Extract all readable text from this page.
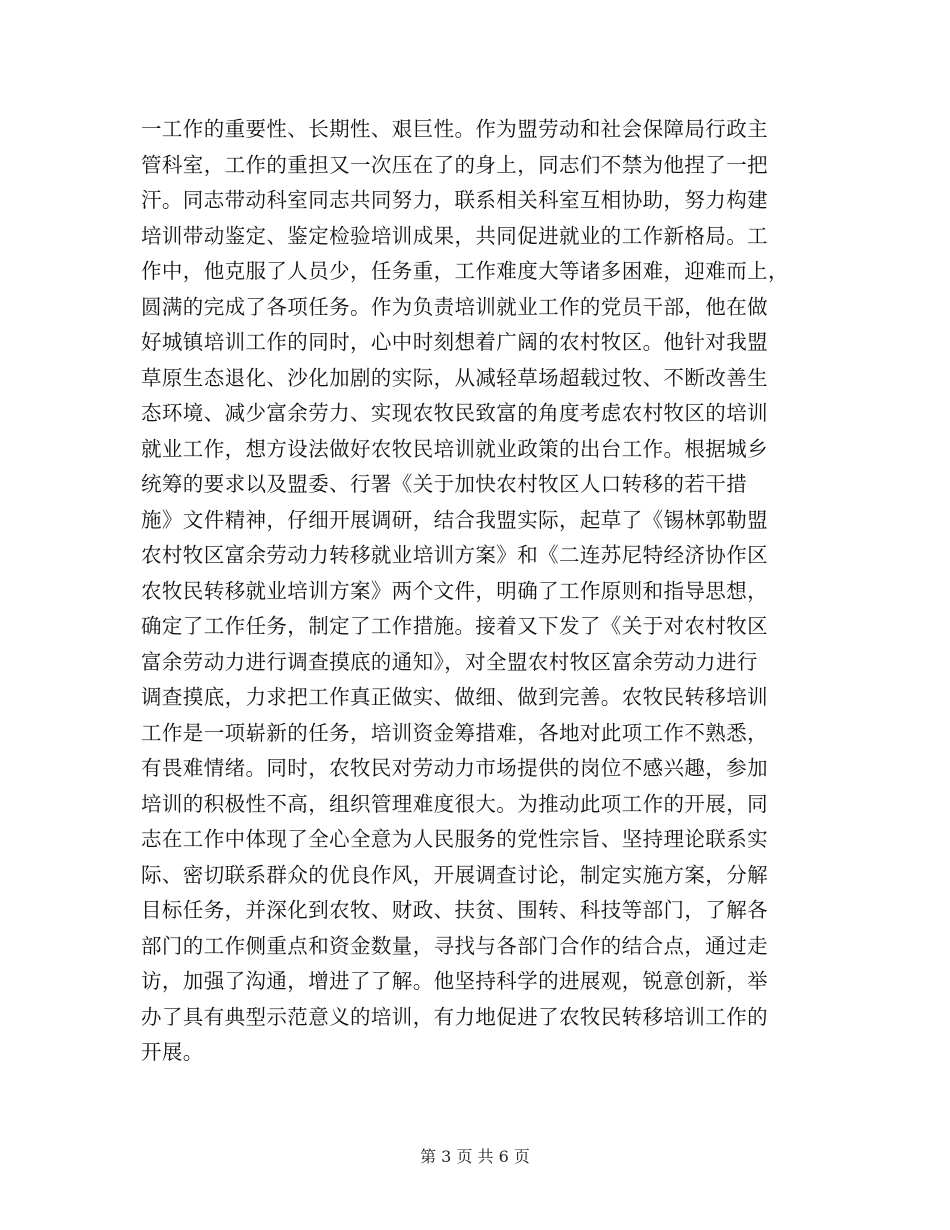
一工作的重要性、长期性、艰巨性。作为盟劳动和社会保障局行政主
管科室，工作的重担又一次压在了的身上，同志们不禁为他捏了一把
汗。同志带动科室同志共同努力，联系相关科室互相协助，努力构建
培训带动鉴定、鉴定检验培训成果，共同促进就业的工作新格局。工
作中，他克服了人员少，任务重，工作难度大等诸多困难，迎难而上，
圆满的完成了各项任务。作为负责培训就业工作的党员干部，他在做
好城镇培训工作的同时，心中时刻想着广阔的农村牧区。他针对我盟
草原生态退化、沙化加剧的实际，从减轻草场超载过牧、不断改善生
态环境、减少富余劳力、实现农牧民致富的角度考虑农村牧区的培训
就业工作，想方设法做好农牧民培训就业政策的出台工作。根据城乡
统筹的要求以及盟委、行署《关于加快农村牧区人口转移的若干措
施》文件精神，仔细开展调研，结合我盟实际，起草了《锡林郭勒盟
农村牧区富余劳动力转移就业培训方案》和《二连苏尼特经济协作区
农牧民转移就业培训方案》两个文件，明确了工作原则和指导思想，
确定了工作任务，制定了工作措施。接着又下发了《关于对农村牧区
富余劳动力进行调查摸底的通知》，对全盟农村牧区富余劳动力进行
调查摸底，力求把工作真正做实、做细、做到完善。农牧民转移培训
工作是一项崭新的任务，培训资金筹措难，各地对此项工作不熟悉，
有畏难情绪。同时，农牧民对劳动力市场提供的岗位不感兴趣，参加
培训的积极性不高，组织管理难度很大。为推动此项工作的开展，同
志在工作中体现了全心全意为人民服务的党性宗旨、坚持理论联系实
际、密切联系群众的优良作风，开展调查讨论，制定实施方案，分解
目标任务，并深化到农牧、财政、扶贫、围转、科技等部门，了解各
部门的工作侧重点和资金数量，寻找与各部门合作的结合点，通过走
访，加强了沟通，增进了了解。他坚持科学的进展观，锐意创新，举
办了具有典型示范意义的培训，有力地促进了农牧民转移培训工作的
开展。
第 3 页 共 6 页
